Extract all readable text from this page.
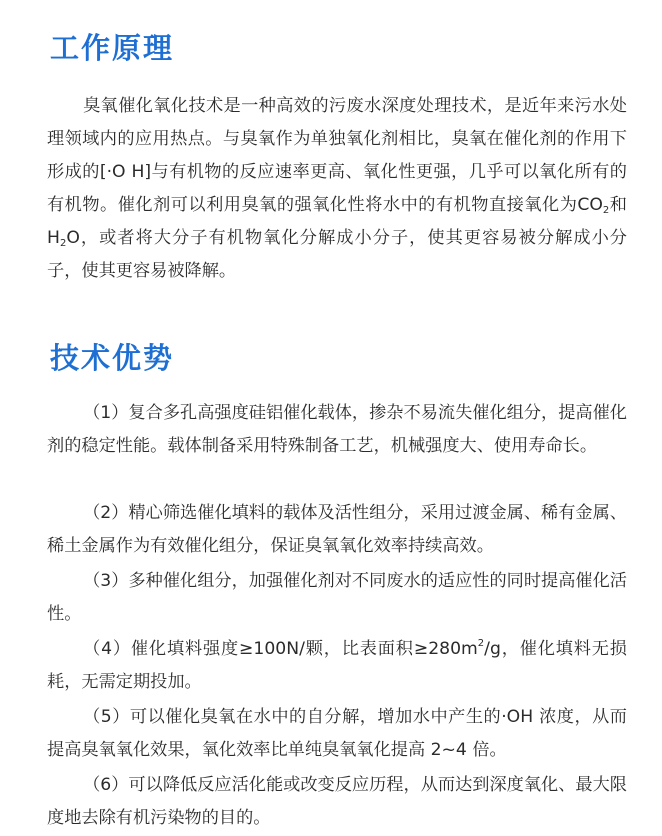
工作原理

臭氧催化氧化技术是一种高效的污废水深度处理技术，是近年来污水处理领域内的应用热点。与臭氧作为单独氧化剂相比，臭氧在催化剂的作用下形成的[·O H]与有机物的反应速率更高、氧化性更强，几乎可以氧化所有的有机物。催化剂可以利用臭氧的强氧化性将水中的有机物直接氧化为$CO_2$和$H_2O$，或者将大分子有机物氧化分解成小分子，使其更容易被分解成小分子，使其更容易被降解。

技术优势

（1）复合多孔高强度硅铝催化载体，掺杂不易流失催化组分，提高催化剂的稳定性能。载体制备采用特殊制备工艺，机械强度大、使用寿命长。

（2）精心筛选催化填料的载体及活性组分，采用过渡金属、稀有金属、稀土金属作为有效催化组分，保证臭氧氧化效率持续高效。

（3）多种催化组分，加强催化剂对不同废水的适应性的同时提高催化活性。

（4）催化填料强度≥100N/颗，比表面积$\ge 280m^2/g$，催化填料无损耗，无需定期投加。

（5）可以催化臭氧在水中的自分解，增加水中产生的·OH 浓度，从而提高臭氧氧化效果，氧化效率比单纯臭氧氧化提高 2~4 倍。

（6）可以降低反应活化能或改变反应历程，从而达到深度氧化、最大限度地去除有机污染物的目的。
